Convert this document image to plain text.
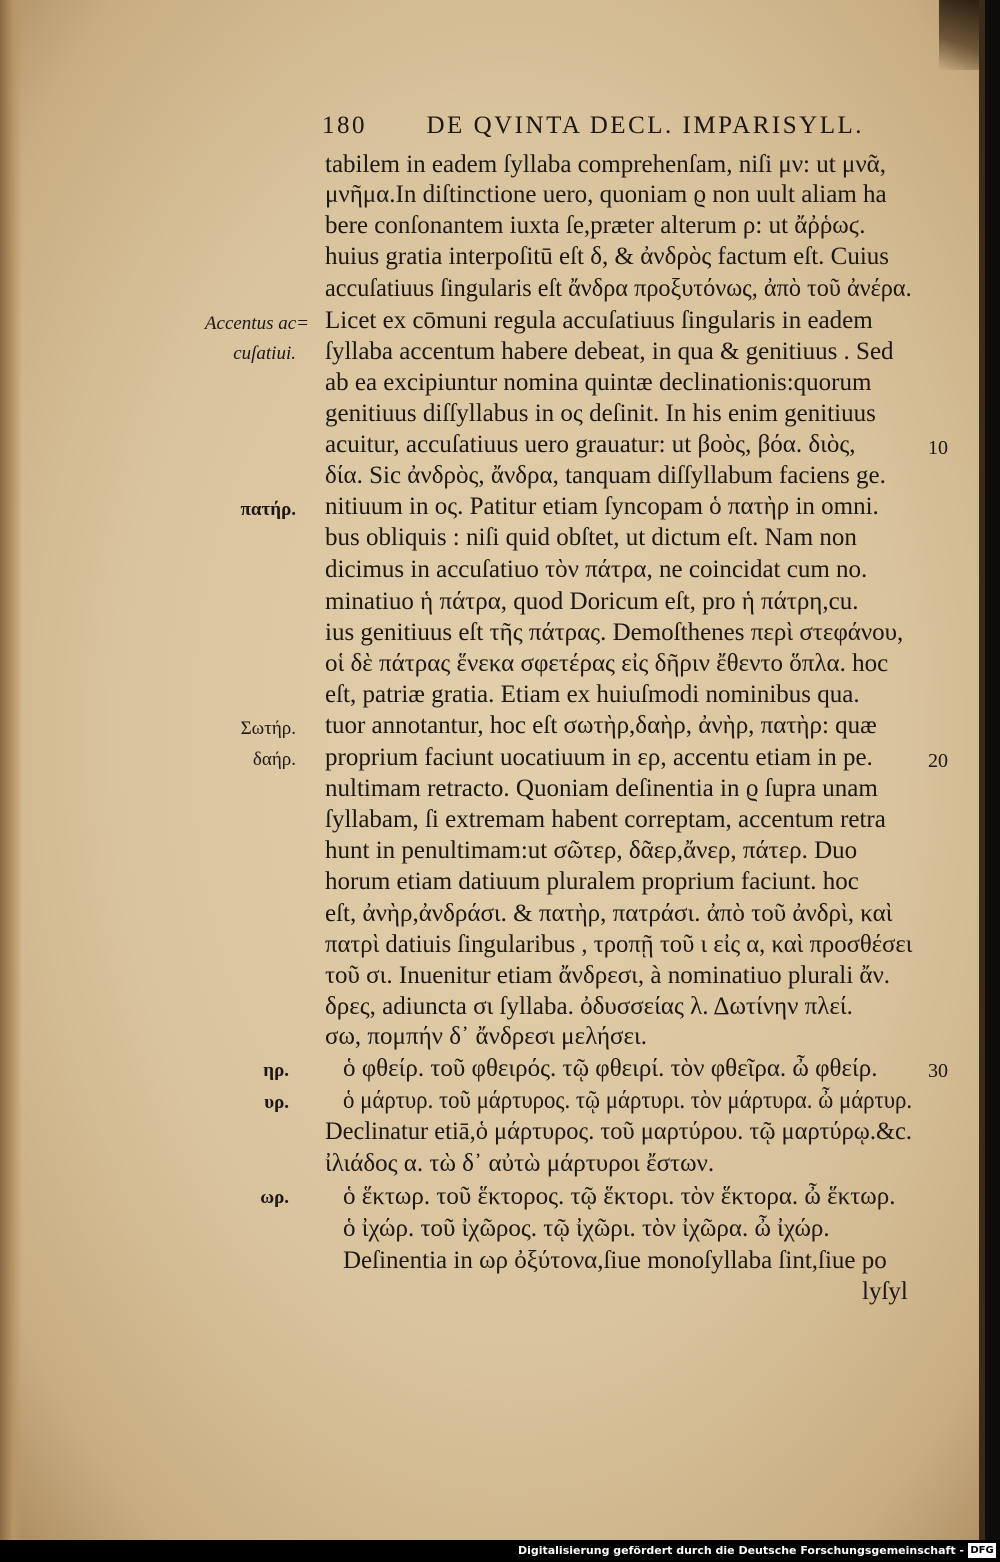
180 DE QVINTA DECL. IMPARISYLL.
tabilem in eadem ſyllaba comprehenſam, niſi μν: ut μνᾶ,
μνῆμα.In diſtinctione uero, quoniam ϱ non uult aliam ha
bere conſonantem iuxta ſe,præter alterum ρ: ut ἄῤῥωϛ.
huius gratia interpoſitū eſt δ, & ἀνδρὸς factum eſt. Cuius
accuſatiuus ſingularis eſt ἄνδρα προξυτόνως, ἀπὸ τοῦ ἀνέρα.
Licet ex cōmuni regula accuſatiuus ſingularis in eadem
ſyllaba accentum habere debeat, in qua & genitiuus . Sed
ab ea excipiuntur nomina quintæ declinationis:quorum
genitiuus diſſyllabus in ος deſinit. In his enim genitiuus
acuitur, accuſatiuus uero grauatur: ut βοὸς, βόα. διὸς,
δία. Sic ἀνδρὸς, ἄνδρα, tanquam diſſyllabum faciens ge.
nitiuum in ος. Patitur etiam ſyncopam ὁ πατὴρ in omni.
bus obliquis : niſi quid obſtet, ut dictum eſt. Nam non
dicimus in accuſatiuo τὸν πάτρα, ne coincidat cum no.
minatiuo ἡ πάτρα, quod Doricum eſt, pro ἡ πάτρη,cu.
ius genitiuus eſt τῆς πάτρας. Demoſthenes περὶ στεφάνου,
οἱ δὲ πάτρας ἕνεκα σφετέρας εἰς δῆριν ἔθεντο ὅπλα. hoc
eſt, patriæ gratia. Etiam ex huiuſmodi nominibus qua.
tuor annotantur, hoc eſt σωτὴρ,δαὴρ, ἀνὴρ, πατὴρ: quæ
proprium faciunt uocatiuum in ερ, accentu etiam in pe.
nultimam retracto. Quoniam deſinentia in ϱ ſupra unam
ſyllabam, ſi extremam habent correptam, accentum retra
hunt in penultimam:ut σῶτερ, δᾶερ,ἄνερ, πάτερ. Duo
horum etiam datiuum pluralem proprium faciunt. hoc
eſt, ἀνὴρ,ἀνδράσι. & πατὴρ, πατράσι. ἀπὸ τοῦ ἀνδρὶ, καὶ
πατρὶ datiuis ſingularibus , τροπῇ τοῦ ι εἰς α, καὶ προσθέσει
τοῦ σι. Inuenitur etiam ἄνδρεσι, à nominatiuo plurali ἄν.
δρες, adiuncta σι ſyllaba. ὀδυσσείας λ. Δωτίνην πλεί.
σω, πομπήν δ᾽ ἄνδρεσι μελήσει.
ὁ φθείρ. τοῦ φθειρός. τῷ φθειρί. τὸν φθεῖρα. ὦ φθείρ.
ὁ μάρτυρ. τοῦ μάρτυρος. τῷ μάρτυρι. τὸν μάρτυρα. ὦ μάρτυρ.
Declinatur etiā,ὁ μάρτυρος. τοῦ μαρτύρου. τῷ μαρτύρῳ.&c.
ἰλιάδος α. τὼ δ᾽ αὐτὼ μάρτυροι ἔστων.
ὁ ἕκτωρ. τοῦ ἕκτορος. τῷ ἕκτορι. τὸν ἕκτορα. ὦ ἕκτωρ.
ὁ ἰχώρ. τοῦ ἰχῶρος. τῷ ἰχῶρι. τὸν ἰχῶρα. ὦ ἰχώρ.
Deſinentia in ωρ ὀξύτονα,ſiue monoſyllaba ſint,ſiue po
lyſyl
Accentus ac=
cuſatiui.
πατήρ.
Σωτήρ.
δαήρ.
ηρ.
υρ.
ωρ.
10
20
30
Digitalisierung gefördert durch die Deutsche Forschungsgemeinschaft - DFG
